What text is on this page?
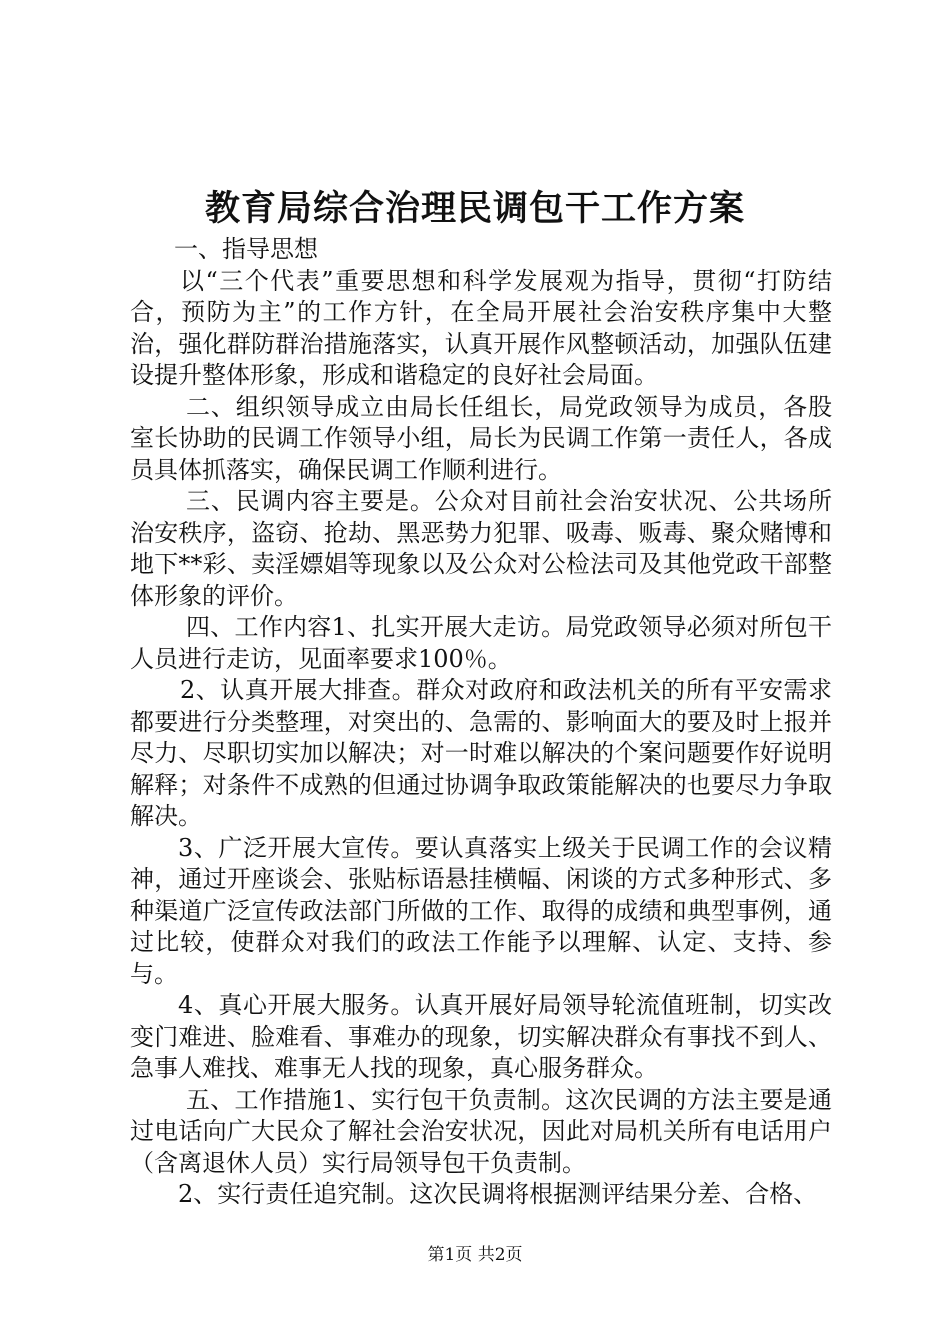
教育局综合治理民调包干工作方案

一、指导思想

以“三个代表”重要思想和科学发展观为指导，贯彻“打防结合，预防为主”的工作方针，在全局开展社会治安秩序集中大整治，强化群防群治措施落实，认真开展作风整顿活动，加强队伍建设提升整体形象，形成和谐稳定的良好社会局面。

二、组织领导成立由局长任组长，局党政领导为成员，各股室长协助的民调工作领导小组，局长为民调工作第一责任人，各成员具体抓落实，确保民调工作顺利进行。

三、民调内容主要是。公众对目前社会治安状况、公共场所治安秩序，盗窃、抢劫、黑恶势力犯罪、吸毒、贩毒、聚众赌博和地下**彩、卖淫嫖娼等现象以及公众对公检法司及其他党政干部整体形象的评价。

四、工作内容1、扎实开展大走访。局党政领导必须对所包干人员进行走访，见面率要求100％。

2、认真开展大排查。群众对政府和政法机关的所有平安需求都要进行分类整理，对突出的、急需的、影响面大的要及时上报并尽力、尽职切实加以解决；对一时难以解决的个案问题要作好说明解释；对条件不成熟的但通过协调争取政策能解决的也要尽力争取解决。

3、广泛开展大宣传。要认真落实上级关于民调工作的会议精神，通过开座谈会、张贴标语悬挂横幅、闲谈的方式多种形式、多种渠道广泛宣传政法部门所做的工作、取得的成绩和典型事例，通过比较，使群众对我们的政法工作能予以理解、认定、支持、参与。

4、真心开展大服务。认真开展好局领导轮流值班制，切实改变门难进、脸难看、事难办的现象，切实解决群众有事找不到人、急事人难找、难事无人找的现象，真心服务群众。

五、工作措施1、实行包干负责制。这次民调的方法主要是通过电话向广大民众了解社会治安状况，因此对局机关所有电话用户（含离退休人员）实行局领导包干负责制。

2、实行责任追究制。这次民调将根据测评结果分差、合格、

第1页 共2页
